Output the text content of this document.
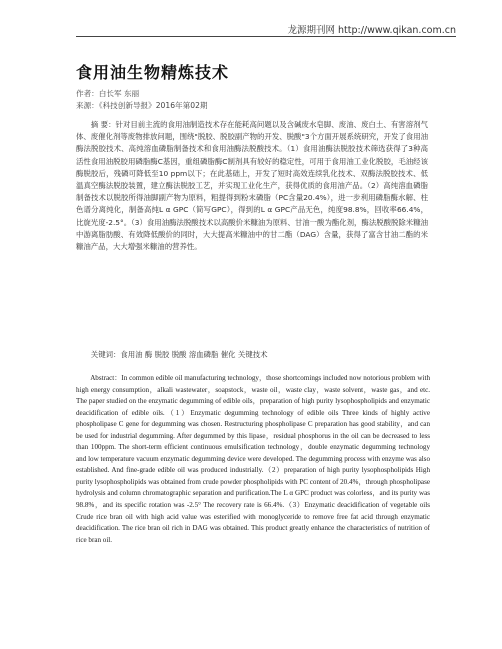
龙源期刊网 http://www.qikan.com.cn
食用油生物精炼技术
作者：白长军 东丽
来源：《科技创新导报》2016年第02期

摘 要：针对目前主流的食用油制造技术存在能耗高问题以及含碱废水皂脚、废油、废白土、有害溶剂气体、废催化剂等废物排放问题，围绕"脱胶、脱胶副产物的开发、脱酸"3个方面开展系统研究，开发了食用油酶法脱胶技术、高纯溶血磷脂制备技术和食用油酶法脱酸技术。（1）食用油酶法脱胶技术筛选获得了3种高活性食用油脱胶用磷脂酶C基因，重组磷脂酶C制剂具有较好的稳定性，可用于食用油工业化脱胶，毛油经该酶脱胶后，残磷可降低至10 ppm以下；在此基础上，开发了短时高效连续乳化技术、双酶法脱胶技术、低温真空酶法脱胶装置，建立酶法脱胶工艺，并实现工业化生产，获得优质的食用油产品。（2）高纯溶血磷脂制备技术以脱胶所得油脚副产物为原料，粗提得到粉末磷脂（PC含量20.4%），进一步利用磷脂酶水解、柱色谱分离纯化，制备高纯L α GPC（简写GPC），得到的L α GPC产品无色，纯度98.8%，回收率66.4%，比旋光度-2.5°。（3）食用油酶法脱酸技术以高酸价米糠油为原料、甘油一酸为酯化剂，酶法脱酸脱除米糠油中游离脂肪酸、有效降低酸价的同时，大大提高米糠油中的甘二酯（DAG）含量，获得了富含甘油二酯的米糠油产品，大大增强米糠油的营养性。

关键词：食用油 酶 脱胶 脱酸 溶血磷脂 催化 关键技术

Abstract：In common edible oil manufacturing technology，those shortcomings included now notorious problem with high energy consumption，alkali wastewater，soapstock，waste oil，waste clay，waste solvent，waste gas，and etc. The paper studied on the enzymatic degumming of edible oils，preparation of high purity lysophospholipids and enzymatic deacidification of edible oils.（1）Enzymatic degumming technology of edible oils Three kinds of highly active phospholipase C gene for degumming was chosen. Restructuring phospholipase C preparation has good stability，and can be used for industrial degumming. After degummed by this lipase，residual phosphorus in the oil can be decreased to less than 100ppm. The short-term efficient continuous emulsification technology，double enzymatic degumming technology and low temperature vacuum enzymatic degumming device were developed. The degumming process with enzyme was also established. And fine-grade edible oil was produced industrially.（2）preparation of high purity lysophospholipids High purity lysophospholipids was obtained from crude powder phospholipids with PC content of 20.4%，through phospholipase hydrolysis and column chromatographic separation and purification.The L α GPC product was colorless，and its purity was 98.8%，and its specific rotation was -2.5° The recovery rate is 66.4%.（3）Enzymatic deacidification of vegetable oils Crude rice bran oil with high acid value was esterified with monoglyceride to remove free fat acid through enzymatic deacidification. The rice bran oil rich in DAG was obtained. This product greatly enhance the characteristics of nutrition of rice bran oil.
